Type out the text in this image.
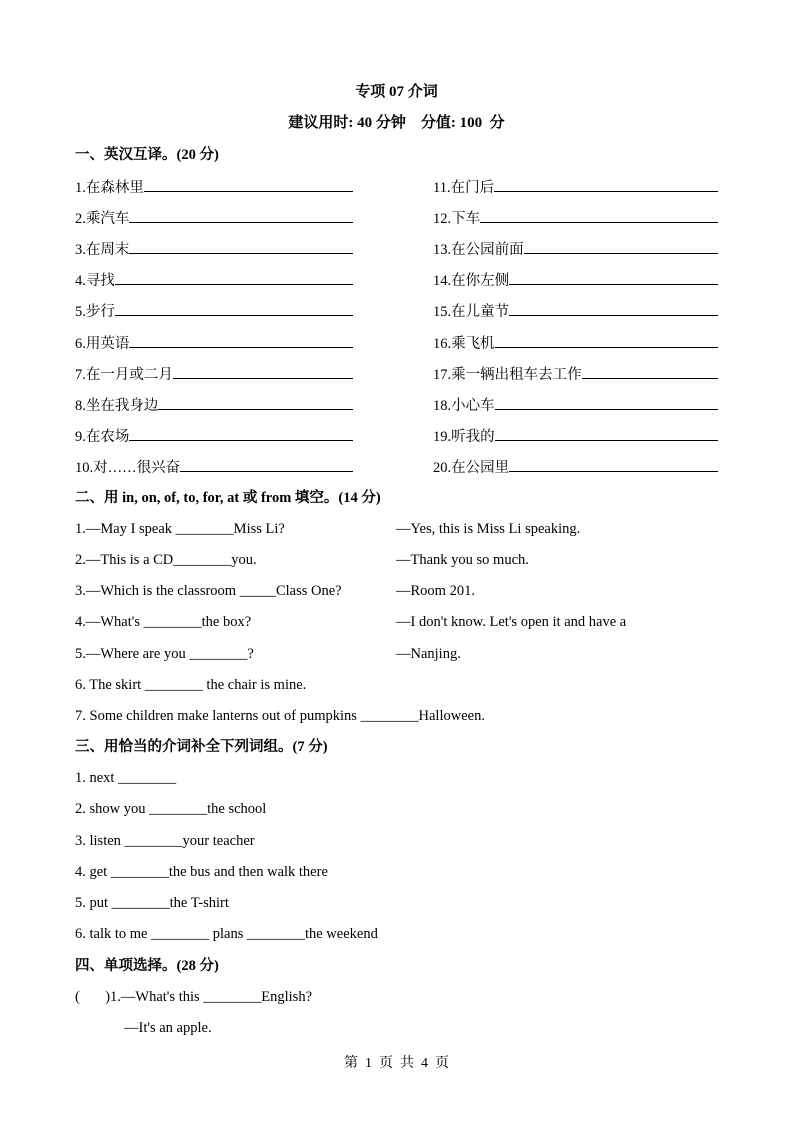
专项 07 介词
建议用时: 40 分钟    分值: 100  分
一、英汉互译。(20 分)
1.在森林里
2.乘汽车
3.在周末
4.寻找
5.步行
6.用英语
7.在一月或二月
8.坐在我身边
9.在农场
10.对……很兴奋
11.在门后
12.下车
13.在公园前面
14.在你左侧
15.在儿童节
16.乘飞机
17.乘一辆出租车去工作
18.小心车
19.听我的
20.在公园里
二、用 in, on, of, to, for, at 或 from 填空。(14 分)
1.—May I speak ________Miss Li?	—Yes, this is Miss Li speaking.
2.—This is a CD________you.	—Thank you so much.
3.—Which is the classroom _____Class One?	—Room 201.
4.—What's ________the box?	—I don't know. Let's open it and have a
5.—Where are you ________?	—Nanjing.
6. The skirt ________ the chair is mine.
7. Some children make lanterns out of pumpkins ________Halloween.
三、用恰当的介词补全下列词组。(7 分)
1. next ________
2. show you ________the school
3. listen ________your teacher
4. get ________the bus and then walk there
5. put ________the T-shirt
6. talk to me ________ plans ________the weekend
四、单项选择。(28 分)
(       )1.—What's this ________English?
—It's an apple.
第  1  页  共  4  页
